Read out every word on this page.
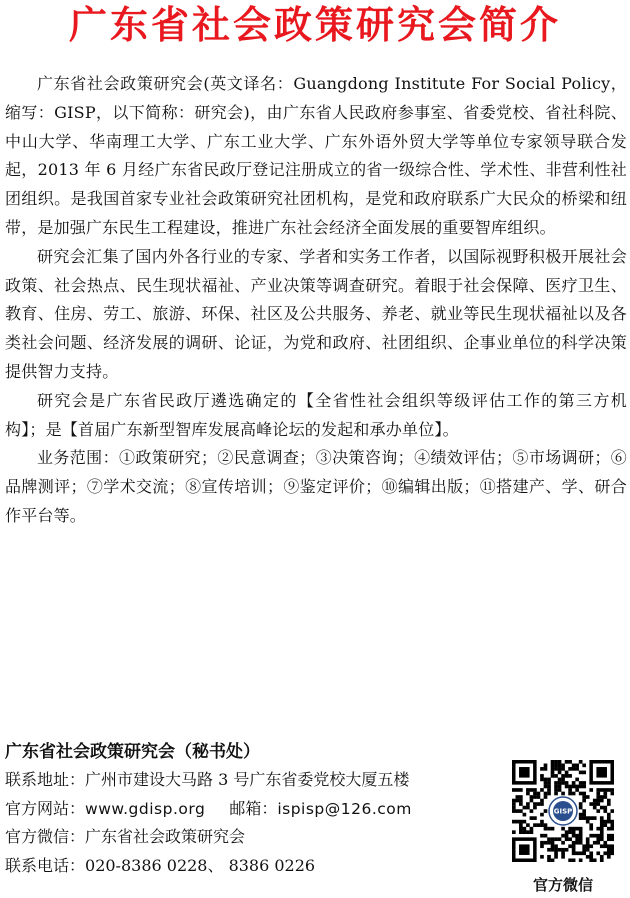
广东省社会政策研究会简介

广东省社会政策研究会(英文译名：Guangdong Institute For Social Policy，缩写：GISP，以下简称：研究会)，由广东省人民政府参事室、省委党校、省社科院、中山大学、华南理工大学、广东工业大学、广东外语外贸大学等单位专家领导联合发起，2013 年 6 月经广东省民政厅登记注册成立的省一级综合性、学术性、非营利性社团组织。是我国首家专业社会政策研究社团机构，是党和政府联系广大民众的桥梁和纽带，是加强广东民生工程建设，推进广东社会经济全面发展的重要智库组织。

研究会汇集了国内外各行业的专家、学者和实务工作者，以国际视野积极开展社会政策、社会热点、民生现状福祉、产业决策等调查研究。着眼于社会保障、医疗卫生、教育、住房、劳工、旅游、环保、社区及公共服务、养老、就业等民生现状福祉以及各类社会问题、经济发展的调研、论证，为党和政府、社团组织、企事业单位的科学决策提供智力支持。

研究会是广东省民政厅遴选确定的【全省性社会组织等级评估工作的第三方机构】；是【首届广东新型智库发展高峰论坛的发起和承办单位】。

业务范围：①政策研究；②民意调查；③决策咨询；④绩效评估；⑤市场调研；⑥品牌测评；⑦学术交流；⑧宣传培训；⑨鉴定评价；⑩编辑出版；⑪搭建产、学、研合作平台等。

广东省社会政策研究会（秘书处）
联系地址：广州市建设大马路 3 号广东省委党校大厦五楼
官方网站：www.gdisp.org 邮箱：ispisp@126.com
官方微信：广东省社会政策研究会
联系电话：020-8386 0228、 8386 0226
GISP
官方微信
